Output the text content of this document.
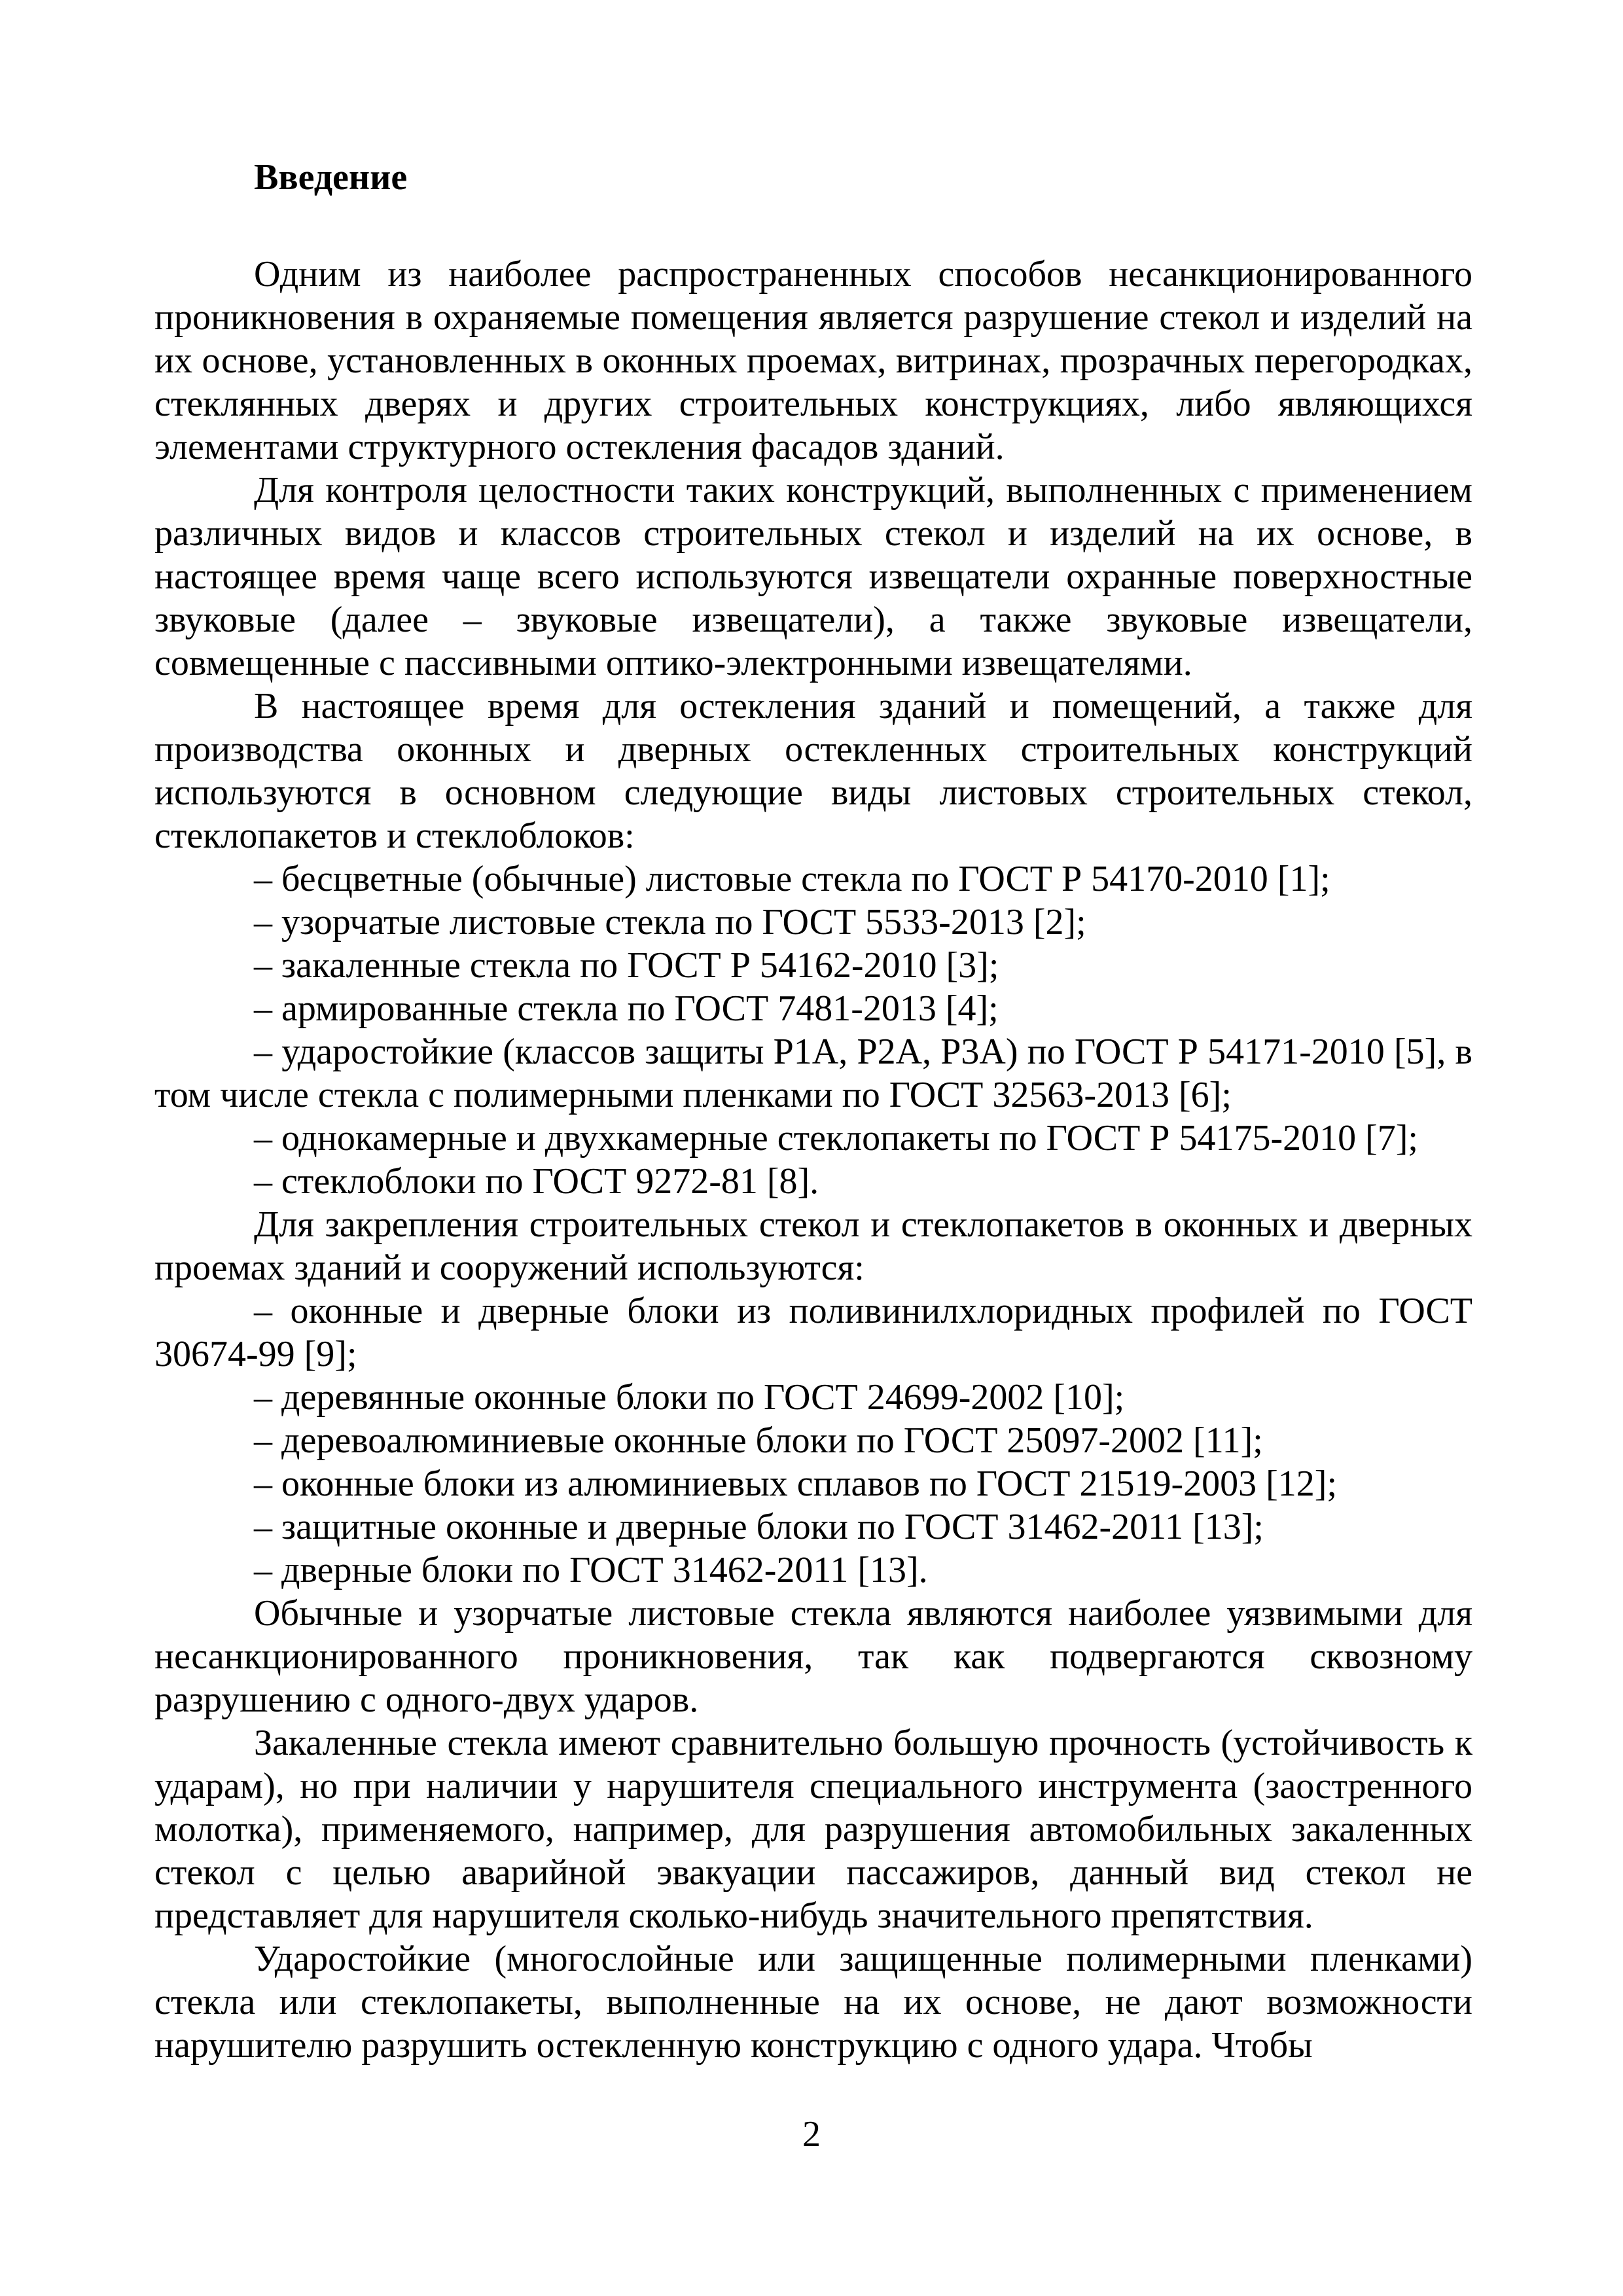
Введение

Одним из наиболее распространенных способов несанкционированного проникновения в охраняемые помещения является разрушение стекол и изделий на их основе, установленных в оконных проемах, витринах, прозрачных перегородках, стеклянных дверях и других строительных конструкциях, либо являющихся элементами структурного остекления фасадов зданий.

Для контроля целостности таких конструкций, выполненных с применением различных видов и классов строительных стекол и изделий на их основе, в настоящее время чаще всего используются извещатели охранные поверхностные звуковые (далее – звуковые извещатели), а также звуковые извещатели, совмещенные с пассивными оптико-электронными извещателями.

В настоящее время для остекления зданий и помещений, а также для производства оконных и дверных остекленных строительных конструкций используются в основном следующие виды листовых строительных стекол, стеклопакетов и стеклоблоков:

– бесцветные (обычные) листовые стекла по ГОСТ Р 54170-2010 [1];

– узорчатые листовые стекла по ГОСТ 5533-2013 [2];

– закаленные стекла по ГОСТ Р 54162-2010 [3];

– армированные стекла по ГОСТ 7481-2013 [4];

– ударостойкие (классов защиты Р1А, Р2А, Р3А) по ГОСТ Р 54171-2010 [5], в том числе стекла с полимерными пленками по ГОСТ 32563-2013 [6];

– однокамерные и двухкамерные стеклопакеты по ГОСТ Р 54175-2010 [7];

– стеклоблоки по ГОСТ 9272-81 [8].

Для закрепления строительных стекол и стеклопакетов в оконных и дверных проемах зданий и сооружений используются:

– оконные и дверные блоки из поливинилхлоридных профилей по ГОСТ 30674-99 [9];

– деревянные оконные блоки по ГОСТ 24699-2002 [10];

– деревоалюминиевые оконные блоки по ГОСТ 25097-2002 [11];

– оконные блоки из алюминиевых сплавов по ГОСТ 21519-2003 [12];

– защитные оконные и дверные блоки по ГОСТ 31462-2011 [13];

– дверные блоки по ГОСТ 31462-2011 [13].

Обычные и узорчатые листовые стекла являются наиболее уязвимыми для несанкционированного проникновения, так как подвергаются сквозному разрушению с одного-двух ударов.

Закаленные стекла имеют сравнительно большую прочность (устойчивость к ударам), но при наличии у нарушителя специального инструмента (заостренного молотка), применяемого, например, для разрушения автомобильных закаленных стекол с целью аварийной эвакуации пассажиров, данный вид стекол не представляет для нарушителя сколько-нибудь значительного препятствия.

Ударостойкие (многослойные или защищенные полимерными пленками) стекла или стеклопакеты, выполненные на их основе, не дают возможности нарушителю разрушить остекленную конструкцию с одного удара. Чтобы

2
